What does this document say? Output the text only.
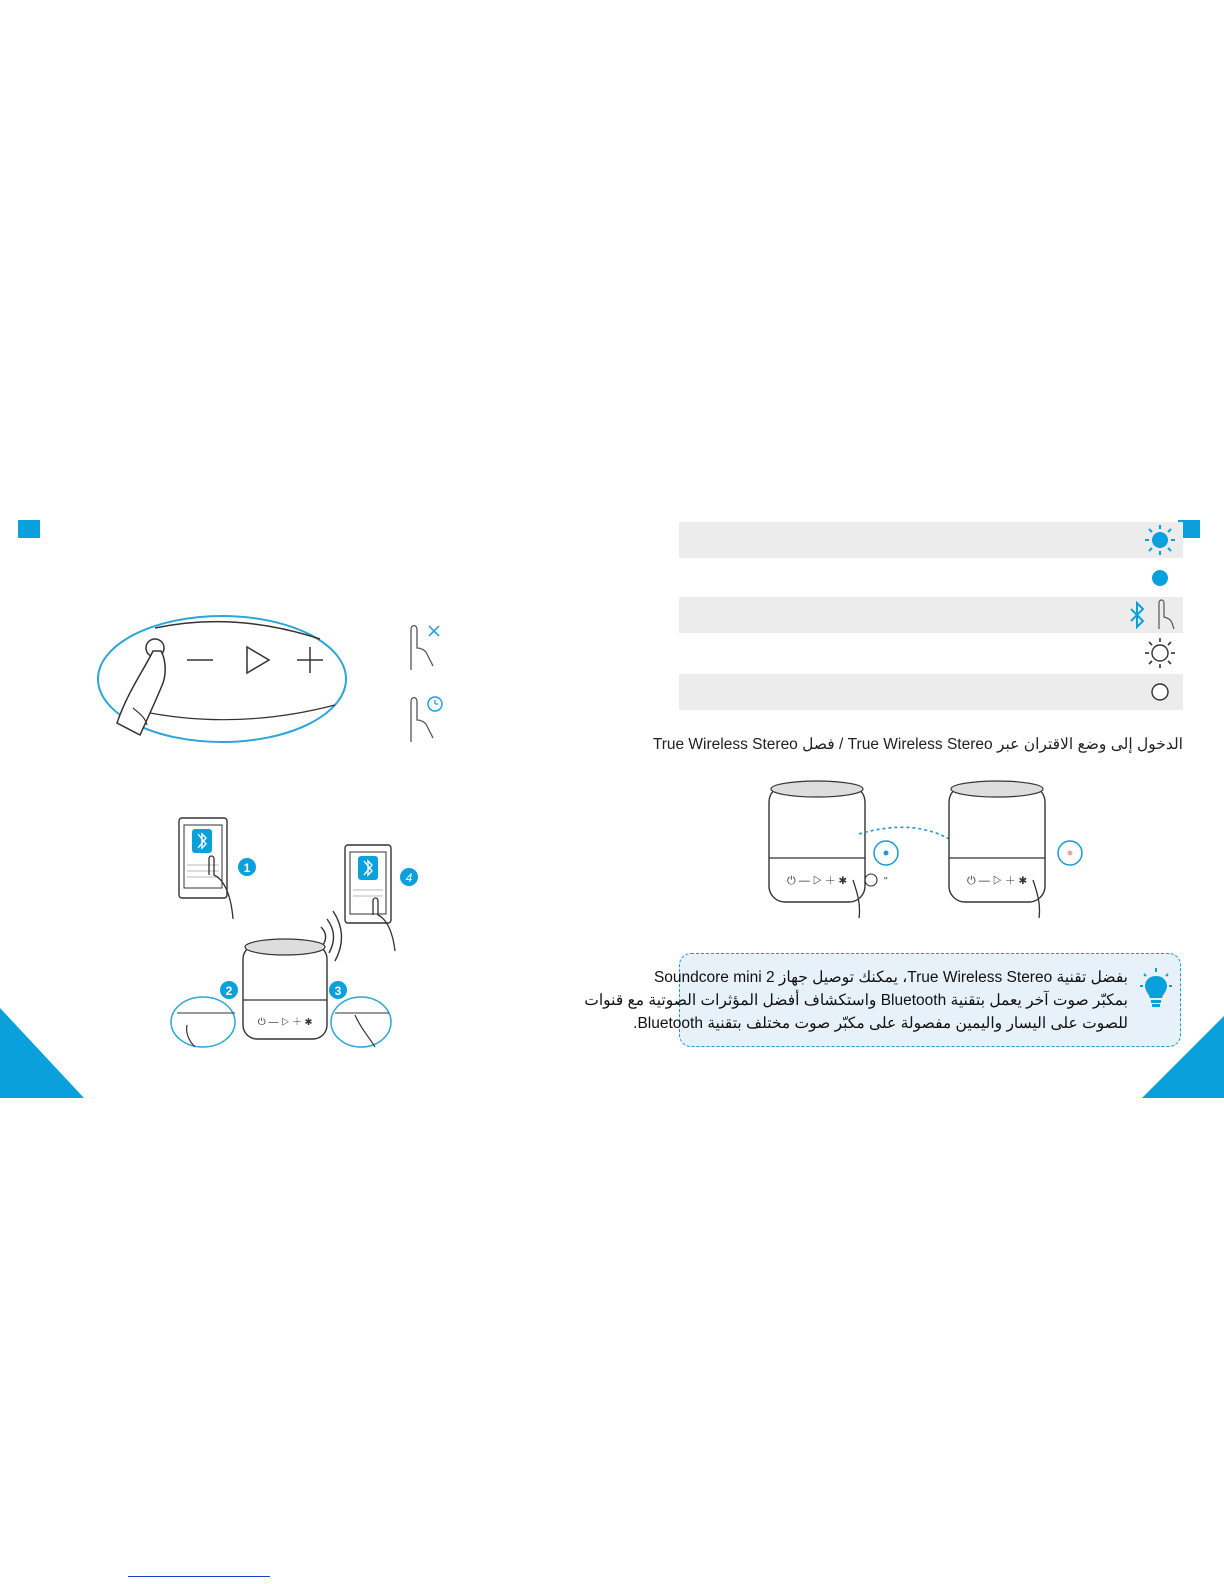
1
4
⏻ — ▷ ＋ ✱
2	3
الدخول إلى وضع الاقتران عبر True Wireless Stereo / فصل True Wireless Stereo
⏻ — ▷ ＋ ✱	"	⏻ — ▷ ＋ ✱
بفضل تقنية True Wireless Stereo، يمكنك توصيل جهاز Soundcore mini 2
بمكبّر صوت آخر يعمل بتقنية Bluetooth واستكشاف أفضل المؤثرات الصوتية مع قنوات
للصوت على اليسار واليمين مفصولة على مكبّر صوت مختلف بتقنية Bluetooth.
